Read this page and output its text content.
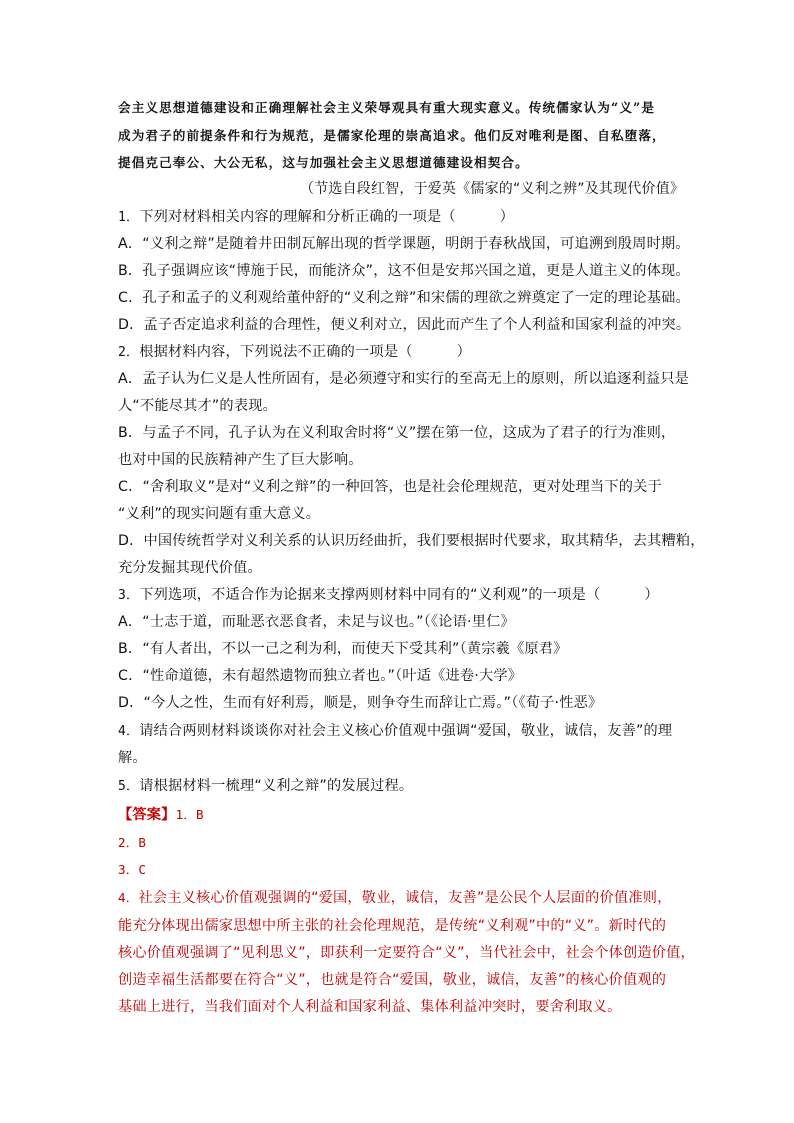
会主义思想道德建设和正确理解社会主义荣辱观具有重大现实意义。传统儒家认为“义”是
成为君子的前提条件和行为规范，是儒家伦理的崇高追求。他们反对唯利是图、自私堕落，
提倡克己奉公、大公无私，这与加强社会主义思想道德建设相契合。
（节选自段红智，于爱英《儒家的“义利之辨”及其现代价值》
1．下列对材料相关内容的理解和分析正确的一项是（	）
A．“义利之辩”是随着井田制瓦解出现的哲学课题，明朗于春秋战国，可追溯到殷周时期。
B．孔子强调应该“博施于民，而能济众”，这不但是安邦兴国之道，更是人道主义的体现。
C．孔子和孟子的义利观给董仲舒的“义利之辩”和宋儒的理欲之辨奠定了一定的理论基础。
D．孟子否定追求利益的合理性，便义利对立，因此而产生了个人利益和国家利益的冲突。
2．根据材料内容，下列说法不正确的一项是（	）
A．孟子认为仁义是人性所固有，是必须遵守和实行的至高无上的原则，所以追逐利益只是
人“不能尽其才”的表现。
B．与孟子不同，孔子认为在义利取舍时将“义”摆在第一位，这成为了君子的行为准则，
也对中国的民族精神产生了巨大影响。
C．“舍利取义”是对“义利之辩”的一种回答，也是社会伦理规范，更对处理当下的关于
“义利”的现实问题有重大意义。
D．中国传统哲学对义利关系的认识历经曲折，我们要根据时代要求，取其精华，去其糟粕，
充分发掘其现代价值。
3．下列选项，不适合作为论据来支撑两则材料中同有的“义利观”的一项是（	）
A．“士志于道，而耻恶衣恶食者，未足与议也。”（《论语·里仁》
B．“有人者出，不以一己之利为利，而使天下受其利”（黄宗羲《原君》
C．“性命道德，未有超然遗物而独立者也。”（叶适《进卷·大学》
D．“今人之性，生而有好利焉，顺是，则争夺生而辞让亡焉。”（《荀子·性恶》
4．请结合两则材料谈谈你对社会主义核心价值观中强调“爱国，敬业，诚信，友善”的理
解。
5．请根据材料一梳理“义利之辩”的发展过程。
【答案】1．B
2．B
3．C
4．社会主义核心价值观强调的“爱国，敬业，诚信，友善”是公民个人层面的价值准则，
能充分体现出儒家思想中所主张的社会伦理规范，是传统“义利观”中的“义”。新时代的
核心价值观强调了“见利思义”，即获利一定要符合“义”，当代社会中，社会个体创造价值，
创造幸福生活都要在符合“义”，也就是符合“爱国，敬业，诚信，友善”的核心价值观的
基础上进行，当我们面对个人利益和国家利益、集体利益冲突时，要舍利取义。
